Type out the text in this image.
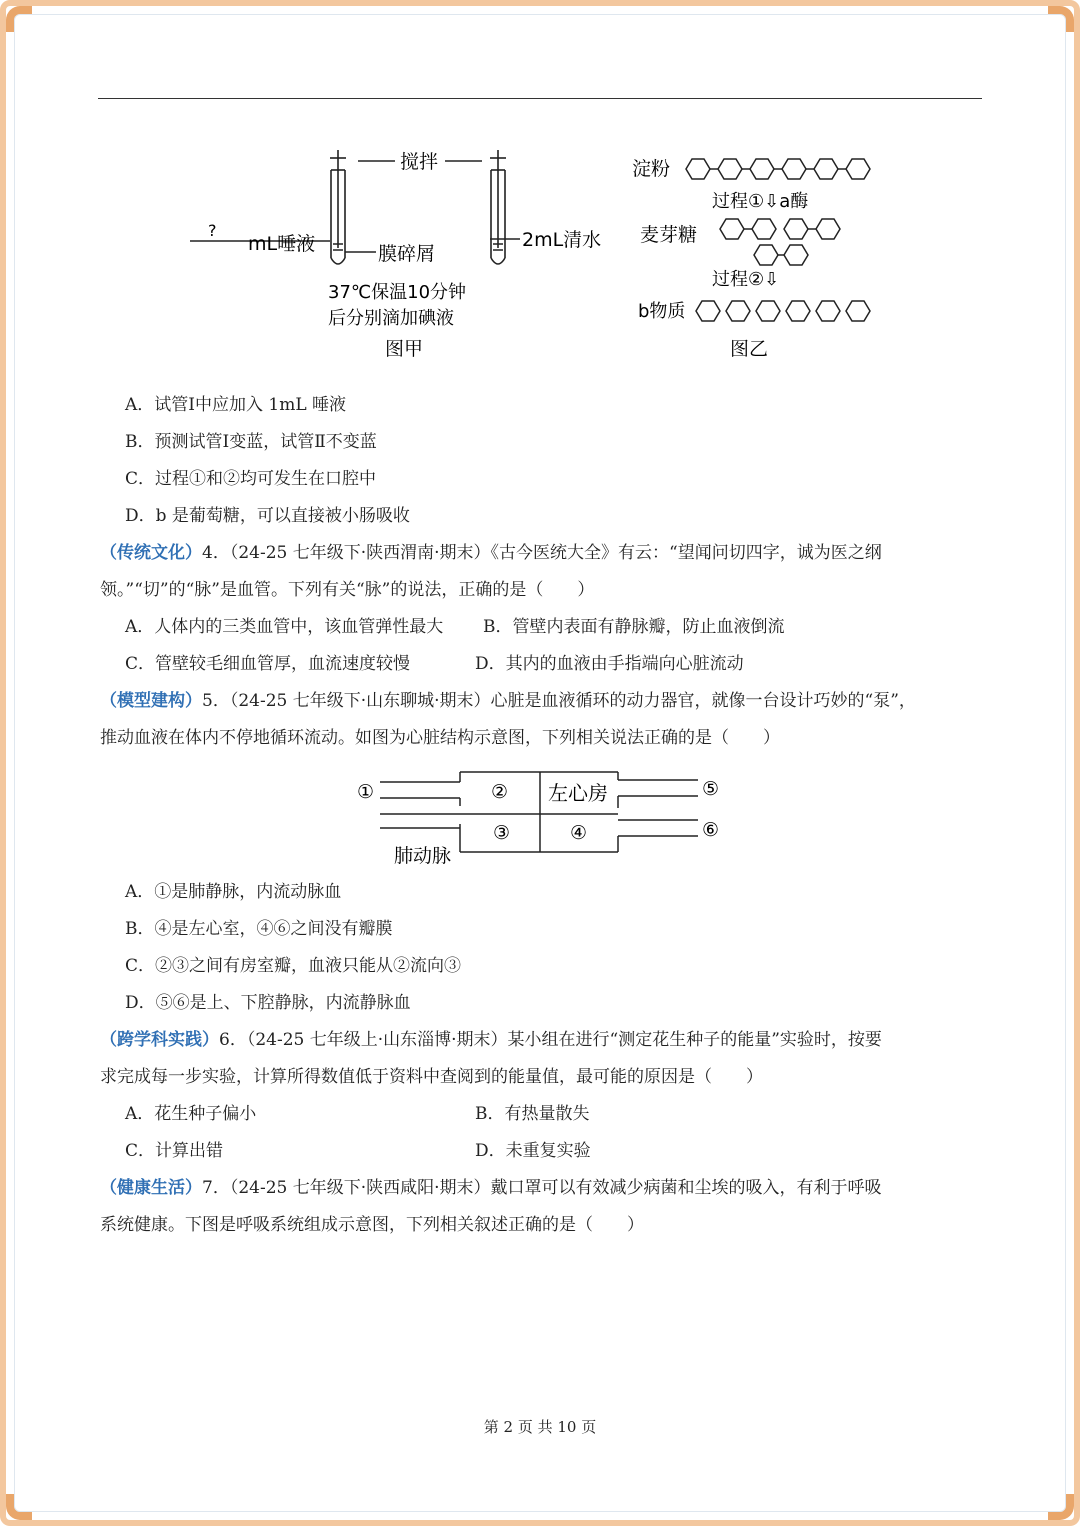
搅拌
?
mL唾液	膜碎屑
2mL清水
37℃保温10分钟
后分别滴加碘液
图甲
淀粉
过程①⇩a酶
麦芽糖
过程②⇩
b物质
图乙
A．试管Ⅰ中应加入 1mL 唾液
B．预测试管Ⅰ变蓝，试管Ⅱ不变蓝
C．过程①和②均可发生在口腔中
D．b 是葡萄糖，可以直接被小肠吸收
（传统文化）4．（24-25 七年级下·陕西渭南·期末）《古今医统大全》有云：“望闻问切四字，诚为医之纲
领。”“切”的“脉”是血管。下列有关“脉”的说法，正确的是（　　）
A．人体内的三类血管中，该血管弹性最大 B．管壁内表面有静脉瓣，防止血液倒流
C．管壁较毛细血管厚，血流速度较慢	D．其内的血液由手指端向心脏流动
（模型建构）5．（24-25 七年级下·山东聊城·期末）心脏是血液循环的动力器官，就像一台设计巧妙的“泵”，
推动血液在体内不停地循环流动。如图为心脏结构示意图，下列相关说法正确的是（　　）
①	②
③
左心房
④
⑤
⑥
肺动脉
A．①是肺静脉，内流动脉血
B．④是左心室，④⑥之间没有瓣膜
C．②③之间有房室瓣，血液只能从②流向③
D．⑤⑥是上、下腔静脉，内流静脉血
（跨学科实践）6．（24-25 七年级上·山东淄博·期末）某小组在进行“测定花生种子的能量”实验时，按要
求完成每一步实验，计算所得数值低于资料中查阅到的能量值，最可能的原因是（　　）
A．花生种子偏小	B．有热量散失
C．计算出错	D．未重复实验
（健康生活）7．（24-25 七年级下·陕西咸阳·期末）戴口罩可以有效减少病菌和尘埃的吸入，有利于呼吸
系统健康。下图是呼吸系统组成示意图，下列相关叙述正确的是（　　）
第 2 页 共 10 页
